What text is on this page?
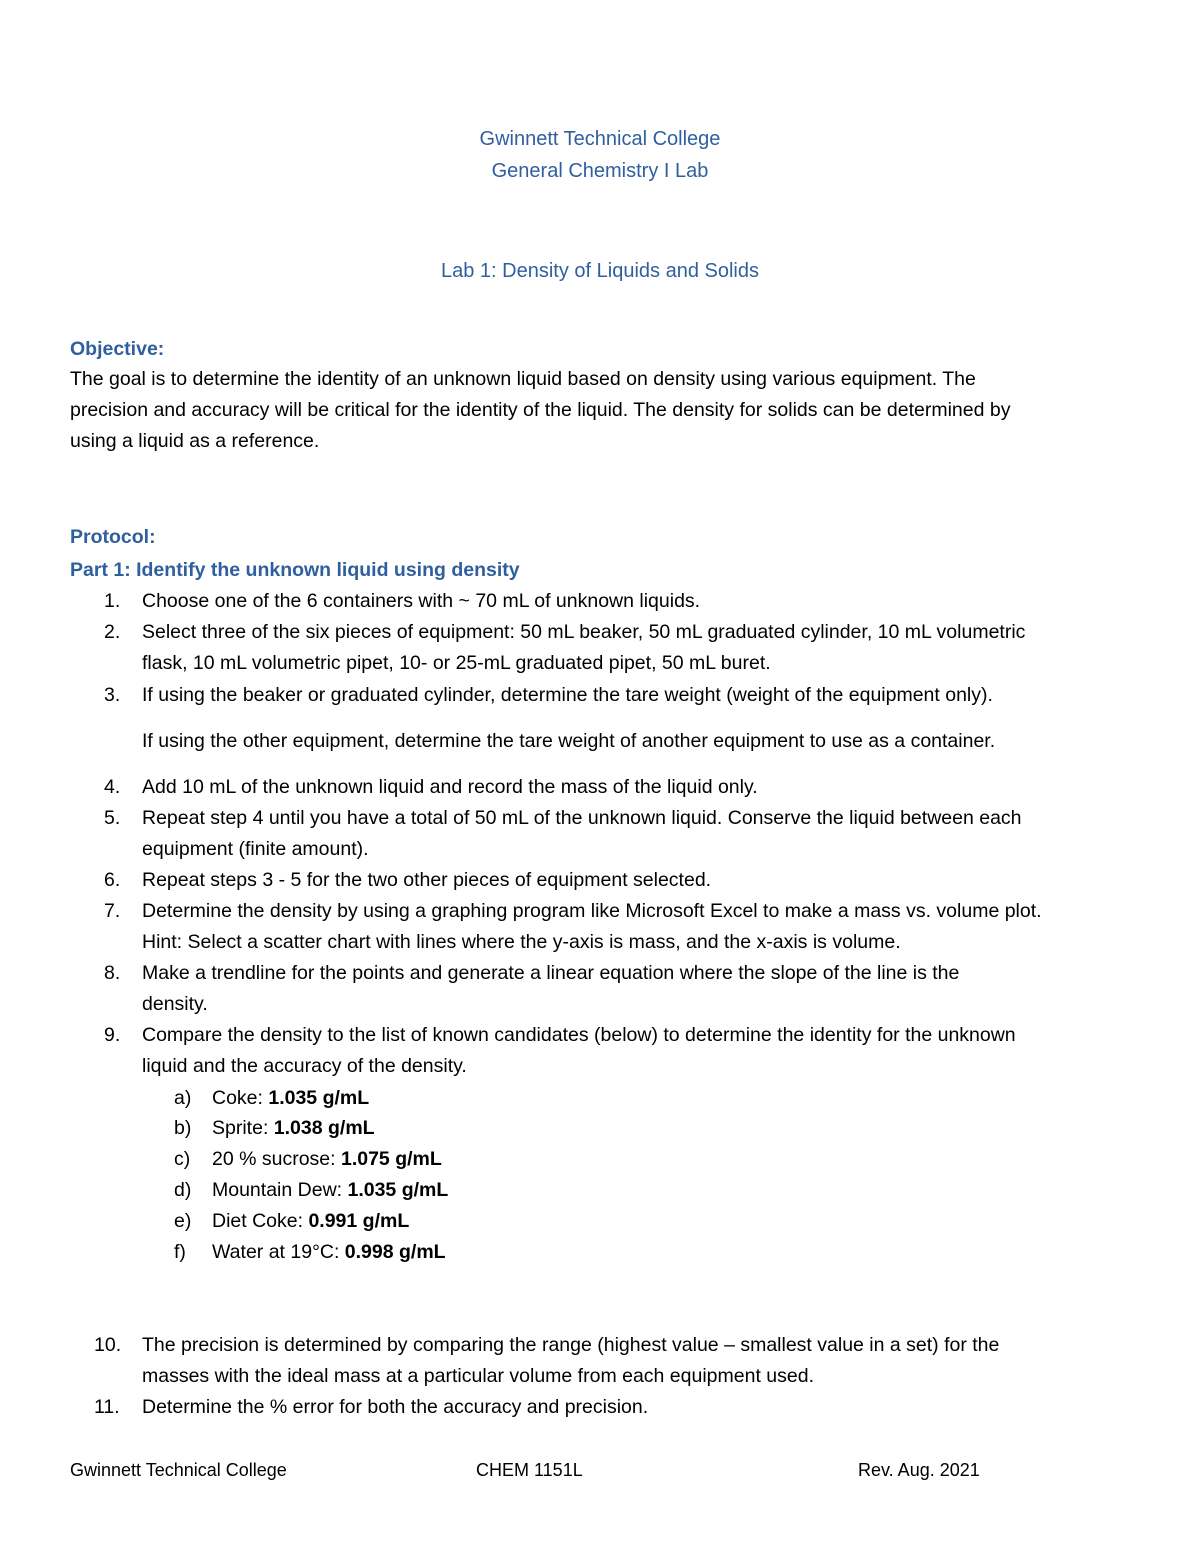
Gwinnett Technical College
General Chemistry I Lab
Lab 1: Density of Liquids and Solids
Objective:
The goal is to determine the identity of an unknown liquid based on density using various equipment. The
precision and accuracy will be critical for the identity of the liquid. The density for solids can be determined by
using a liquid as a reference.
Protocol:
Part 1: Identify the unknown liquid using density
1.	Choose one of the 6 containers with ~ 70 mL of unknown liquids.
2.	Select three of the six pieces of equipment: 50 mL beaker, 50 mL graduated cylinder, 10 mL volumetric
flask, 10 mL volumetric pipet, 10- or 25-mL graduated pipet, 50 mL buret.
3.	If using the beaker or graduated cylinder, determine the tare weight (weight of the equipment only).
If using the other equipment, determine the tare weight of another equipment to use as a container.
4.	Add 10 mL of the unknown liquid and record the mass of the liquid only.
5.	Repeat step 4 until you have a total of 50 mL of the unknown liquid. Conserve the liquid between each
equipment (finite amount).
6.	Repeat steps 3 - 5 for the two other pieces of equipment selected.
7.	Determine the density by using a graphing program like Microsoft Excel to make a mass vs. volume plot.
Hint: Select a scatter chart with lines where the y-axis is mass, and the x-axis is volume.
8.	Make a trendline for the points and generate a linear equation where the slope of the line is the
density.
9.	Compare the density to the list of known candidates (below) to determine the identity for the unknown
liquid and the accuracy of the density.
a) Coke: 1.035 g/mL
b) Sprite: 1.038 g/mL
c) 20 % sucrose: 1.075 g/mL
d) Mountain Dew: 1.035 g/mL
e) Diet Coke: 0.991 g/mL
f) Water at 19°C: 0.998 g/mL
10. The precision is determined by comparing the range (highest value – smallest value in a set) for the
masses with the ideal mass at a particular volume from each equipment used.
11. Determine the % error for both the accuracy and precision.
Gwinnett Technical College	CHEM 1151L	Rev. Aug. 2021
